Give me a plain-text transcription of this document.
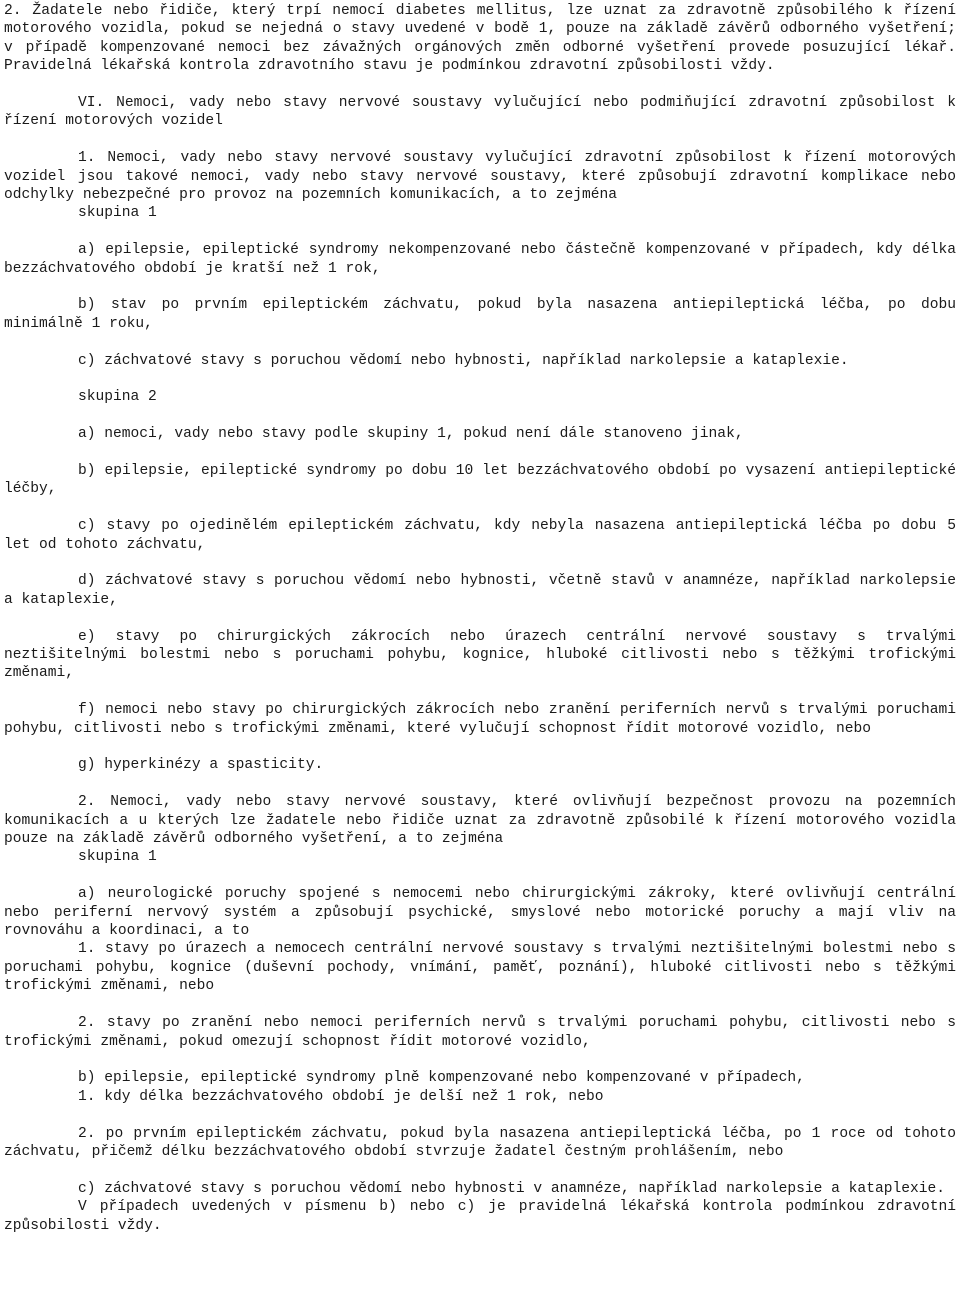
2. Žadatele nebo řidiče, který trpí nemocí diabetes mellitus, lze uznat za zdravotně způsobilého k řízení motorového vozidla, pokud se nejedná o stavy uvedené v bodě 1, pouze na základě závěrů odborného vyšetření; v případě kompenzované nemoci bez závažných orgánových změn odborné vyšetření provede posuzující lékař. Pravidelná lékařská kontrola zdravotního stavu je podmínkou zdravotní způsobilosti vždy.

VI. Nemoci, vady nebo stavy nervové soustavy vylučující nebo podmiňující zdravotní způsobilost k řízení motorových vozidel

1. Nemoci, vady nebo stavy nervové soustavy vylučující zdravotní způsobilost k řízení motorových vozidel jsou takové nemoci, vady nebo stavy nervové soustavy, které způsobují zdravotní komplikace nebo odchylky nebezpečné pro provoz na pozemních komunikacích, a to zejména

skupina 1

a) epilepsie, epileptické syndromy nekompenzované nebo částečně kompenzované v případech, kdy délka bezzáchvatového období je kratší než 1 rok,

b) stav po prvním epileptickém záchvatu, pokud byla nasazena antiepileptická léčba, po dobu minimálně 1 roku,

c) záchvatové stavy s poruchou vědomí nebo hybnosti, například narkolepsie a kataplexie.

skupina 2

a) nemoci, vady nebo stavy podle skupiny 1, pokud není dále stanoveno jinak,

b) epilepsie, epileptické syndromy po dobu 10 let bezzáchvatového období po vysazení antiepileptické léčby,

c) stavy po ojedinělém epileptickém záchvatu, kdy nebyla nasazena antiepileptická léčba po dobu 5 let od tohoto záchvatu,

d) záchvatové stavy s poruchou vědomí nebo hybnosti, včetně stavů v anamnéze, například narkolepsie a kataplexie,

e) stavy po chirurgických zákrocích nebo úrazech centrální nervové soustavy s trvalými neztišitelnými bolestmi nebo s poruchami pohybu, kognice, hluboké citlivosti nebo s těžkými trofickými změnami,

f) nemoci nebo stavy po chirurgických zákrocích nebo zranění periferních nervů s trvalými poruchami pohybu, citlivosti nebo s trofickými změnami, které vylučují schopnost řídit motorové vozidlo, nebo

g) hyperkinézy a spasticity.

2. Nemoci, vady nebo stavy nervové soustavy, které ovlivňují bezpečnost provozu na pozemních komunikacích a u kterých lze žadatele nebo řidiče uznat za zdravotně způsobilé k řízení motorového vozidla pouze na základě závěrů odborného vyšetření, a to zejména

skupina 1

a) neurologické poruchy spojené s nemocemi nebo chirurgickými zákroky, které ovlivňují centrální nebo periferní nervový systém a způsobují psychické, smyslové nebo motorické poruchy a mají vliv na rovnováhu a koordinaci, a to

1. stavy po úrazech a nemocech centrální nervové soustavy s trvalými neztišitelnými bolestmi nebo s poruchami pohybu, kognice (duševní pochody, vnímání, paměť, poznání), hluboké citlivosti nebo s těžkými trofickými změnami, nebo

2. stavy po zranění nebo nemoci periferních nervů s trvalými poruchami pohybu, citlivosti nebo s trofickými změnami, pokud omezují schopnost řídit motorové vozidlo,

b) epilepsie, epileptické syndromy plně kompenzované nebo kompenzované v případech,

1. kdy délka bezzáchvatového období je delší než 1 rok, nebo

2. po prvním epileptickém záchvatu, pokud byla nasazena antiepileptická léčba, po 1 roce od tohoto záchvatu, přičemž délku bezzáchvatového období stvrzuje žadatel čestným prohlášením, nebo

c) záchvatové stavy s poruchou vědomí nebo hybnosti v anamnéze, například narkolepsie a kataplexie.

V případech uvedených v písmenu b) nebo c) je pravidelná lékařská kontrola podmínkou zdravotní způsobilosti vždy.
